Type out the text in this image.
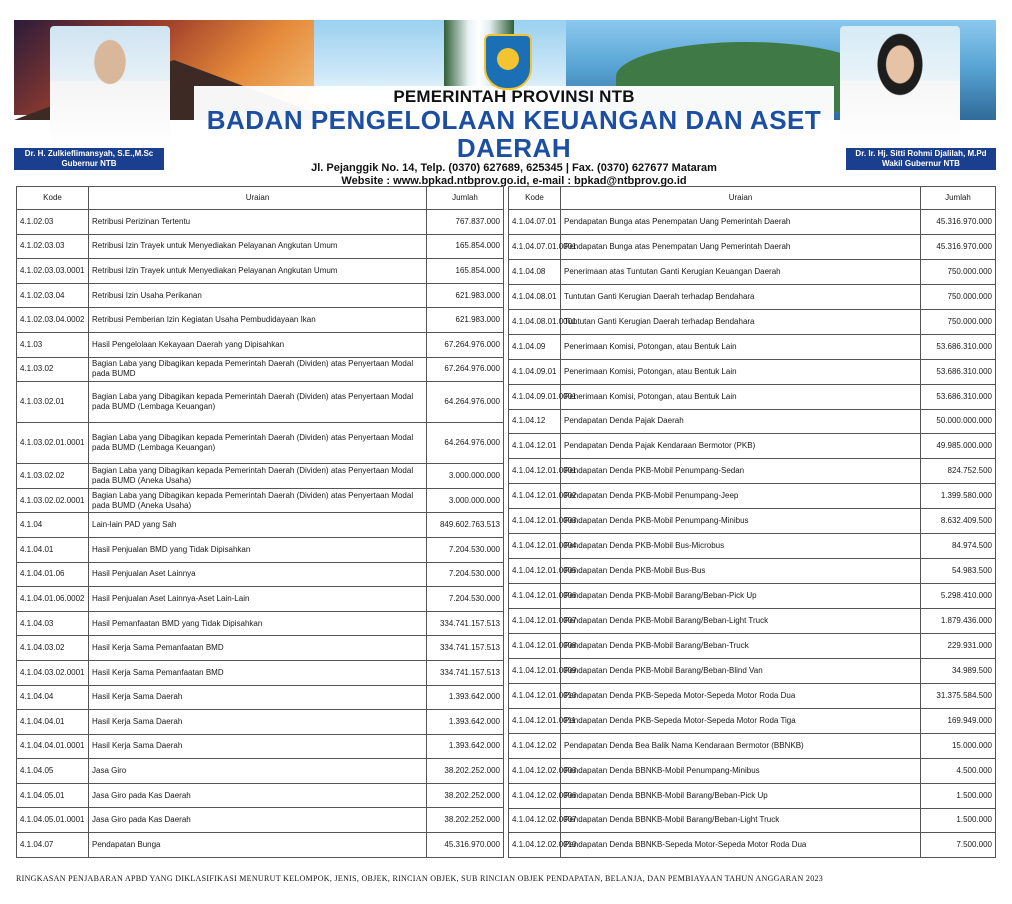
Dr. H. Zulkieflimansyah, S.E.,M.Sc
Gubernur NTB
Dr. Ir. Hj. Sitti Rohmi Djalilah, M.Pd
Wakil Gubernur NTB
PEMERINTAH PROVINSI NTB
BADAN PENGELOLAAN KEUANGAN DAN ASET DAERAH
Jl. Pejanggik No. 14, Telp. (0370) 627689, 625345 | Fax. (0370) 627677 Mataram
Website : www.bpkad.ntbprov.go.id, e-mail : bpkad@ntbprov.go.id
Kode	Uraian	Jumlah
4.1.02.03	Retribusi Perizinan Tertentu	767.837.000
4.1.02.03.03	Retribusi Izin Trayek untuk Menyediakan Pelayanan Angkutan Umum	165.854.000
4.1.02.03.03.0001	Retribusi Izin Trayek untuk Menyediakan Pelayanan Angkutan Umum	165.854.000
4.1.02.03.04	Retribusi Izin Usaha Perikanan	621.983.000
4.1.02.03.04.0002	Retribusi Pemberian Izin Kegiatan Usaha Pembudidayaan Ikan	621.983.000
4.1.03	Hasil Pengelolaan Kekayaan Daerah yang Dipisahkan	67.264.976.000
4.1.03.02	Bagian Laba yang Dibagikan kepada Pemerintah Daerah (Dividen) atas Penyertaan Modal pada BUMD	67.264.976.000
4.1.03.02.01	Bagian Laba yang Dibagikan kepada Pemerintah Daerah (Dividen) atas Penyertaan Modal pada BUMD (Lembaga Keuangan)	64.264.976.000
4.1.03.02.01.0001	Bagian Laba yang Dibagikan kepada Pemerintah Daerah (Dividen) atas Penyertaan Modal pada BUMD (Lembaga Keuangan)	64.264.976.000
4.1.03.02.02	Bagian Laba yang Dibagikan kepada Pemerintah Daerah (Dividen) atas Penyertaan Modal pada BUMD (Aneka Usaha)	3.000.000.000
4.1.03.02.02.0001	Bagian Laba yang Dibagikan kepada Pemerintah Daerah (Dividen) atas Penyertaan Modal pada BUMD (Aneka Usaha)	3.000.000.000
4.1.04	Lain-lain PAD yang Sah	849.602.763.513
4.1.04.01	Hasil Penjualan BMD yang Tidak Dipisahkan	7.204.530.000
4.1.04.01.06	Hasil Penjualan Aset Lainnya	7.204.530.000
4.1.04.01.06.0002	Hasil Penjualan Aset Lainnya-Aset Lain-Lain	7.204.530.000
4.1.04.03	Hasil Pemanfaatan BMD yang Tidak Dipisahkan	334.741.157.513
4.1.04.03.02	Hasil Kerja Sama Pemanfaatan BMD	334.741.157.513
4.1.04.03.02.0001	Hasil Kerja Sama Pemanfaatan BMD	334.741.157.513
4.1.04.04	Hasil Kerja Sama Daerah	1.393.642.000
4.1.04.04.01	Hasil Kerja Sama Daerah	1.393.642.000
4.1.04.04.01.0001	Hasil Kerja Sama Daerah	1.393.642.000
4.1.04.05	Jasa Giro	38.202.252.000
4.1.04.05.01	Jasa Giro pada Kas Daerah	38.202.252.000
4.1.04.05.01.0001	Jasa Giro pada Kas Daerah	38.202.252.000
4.1.04.07	Pendapatan Bunga	45.316.970.000
Kode	Uraian	Jumlah
4.1.04.07.01	Pendapatan Bunga atas Penempatan Uang Pemerintah Daerah	45.316.970.000
4.1.04.07.01.0001	Pendapatan Bunga atas Penempatan Uang Pemerintah Daerah	45.316.970.000
4.1.04.08	Penerimaan atas Tuntutan Ganti Kerugian Keuangan Daerah	750.000.000
4.1.04.08.01	Tuntutan Ganti Kerugian Daerah terhadap Bendahara	750.000.000
4.1.04.08.01.0001	Tuntutan Ganti Kerugian Daerah terhadap Bendahara	750.000.000
4.1.04.09	Penerimaan Komisi, Potongan, atau Bentuk Lain	53.686.310.000
4.1.04.09.01	Penerimaan Komisi, Potongan, atau Bentuk Lain	53.686.310.000
4.1.04.09.01.0001	Penerimaan Komisi, Potongan, atau Bentuk Lain	53.686.310.000
4.1.04.12	Pendapatan Denda Pajak Daerah	50.000.000.000
4.1.04.12.01	Pendapatan Denda Pajak Kendaraan Bermotor (PKB)	49.985.000.000
4.1.04.12.01.0001	Pendapatan Denda PKB-Mobil Penumpang-Sedan	824.752.500
4.1.04.12.01.0002	Pendapatan Denda PKB-Mobil Penumpang-Jeep	1.399.580.000
4.1.04.12.01.0003	Pendapatan Denda PKB-Mobil Penumpang-Minibus	8.632.409.500
4.1.04.12.01.0004	Pendapatan Denda PKB-Mobil Bus-Microbus	84.974.500
4.1.04.12.01.0005	Pendapatan Denda PKB-Mobil Bus-Bus	54.983.500
4.1.04.12.01.0006	Pendapatan Denda PKB-Mobil Barang/Beban-Pick Up	5.298.410.000
4.1.04.12.01.0007	Pendapatan Denda PKB-Mobil Barang/Beban-Light Truck	1.879.436.000
4.1.04.12.01.0008	Pendapatan Denda PKB-Mobil Barang/Beban-Truck	229.931.000
4.1.04.12.01.0009	Pendapatan Denda PKB-Mobil Barang/Beban-Blind Van	34.989.500
4.1.04.12.01.0010	Pendapatan Denda PKB-Sepeda Motor-Sepeda Motor Roda Dua	31.375.584.500
4.1.04.12.01.0011	Pendapatan Denda PKB-Sepeda Motor-Sepeda Motor Roda Tiga	169.949.000
4.1.04.12.02	Pendapatan Denda Bea Balik Nama Kendaraan Bermotor (BBNKB)	15.000.000
4.1.04.12.02.0003	Pendapatan Denda BBNKB-Mobil Penumpang-Minibus	4.500.000
4.1.04.12.02.0006	Pendapatan Denda BBNKB-Mobil Barang/Beban-Pick Up	1.500.000
4.1.04.12.02.0007	Pendapatan Denda BBNKB-Mobil Barang/Beban-Light Truck	1.500.000
4.1.04.12.02.0010	Pendapatan Denda BBNKB-Sepeda Motor-Sepeda Motor Roda Dua	7.500.000
RINGKASAN PENJABARAN APBD YANG DIKLASIFIKASI MENURUT KELOMPOK, JENIS, OBJEK, RINCIAN OBJEK, SUB RINCIAN OBJEK PENDAPATAN, BELANJA, DAN PEMBIAYAAN TAHUN ANGGARAN 2023
